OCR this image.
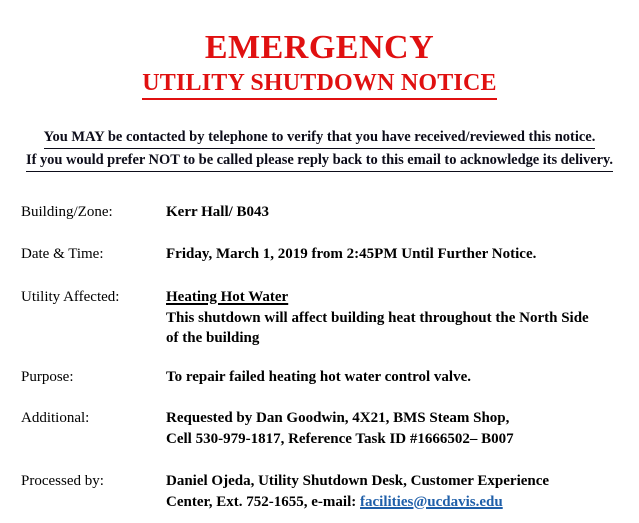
EMERGENCY
UTILITY SHUTDOWN NOTICE
You MAY be contacted by telephone to verify that you have received/reviewed this notice.
If you would prefer NOT to be called please reply back to this email to acknowledge its delivery.
Building/Zone:	Kerr Hall/ B043
Date & Time:	Friday, March 1, 2019 from 2:45PM Until Further Notice.
Utility Affected:	Heating Hot Water
This shutdown will affect building heat throughout the North Side
of the building
Purpose:	To repair failed heating hot water control valve.
Additional:	Requested by Dan Goodwin, 4X21, BMS Steam Shop,
Cell 530-979-1817, Reference Task ID #1666502– B007
Processed by:	Daniel Ojeda, Utility Shutdown Desk, Customer Experience
Center, Ext. 752-1655, e-mail: facilities@ucdavis.edu
